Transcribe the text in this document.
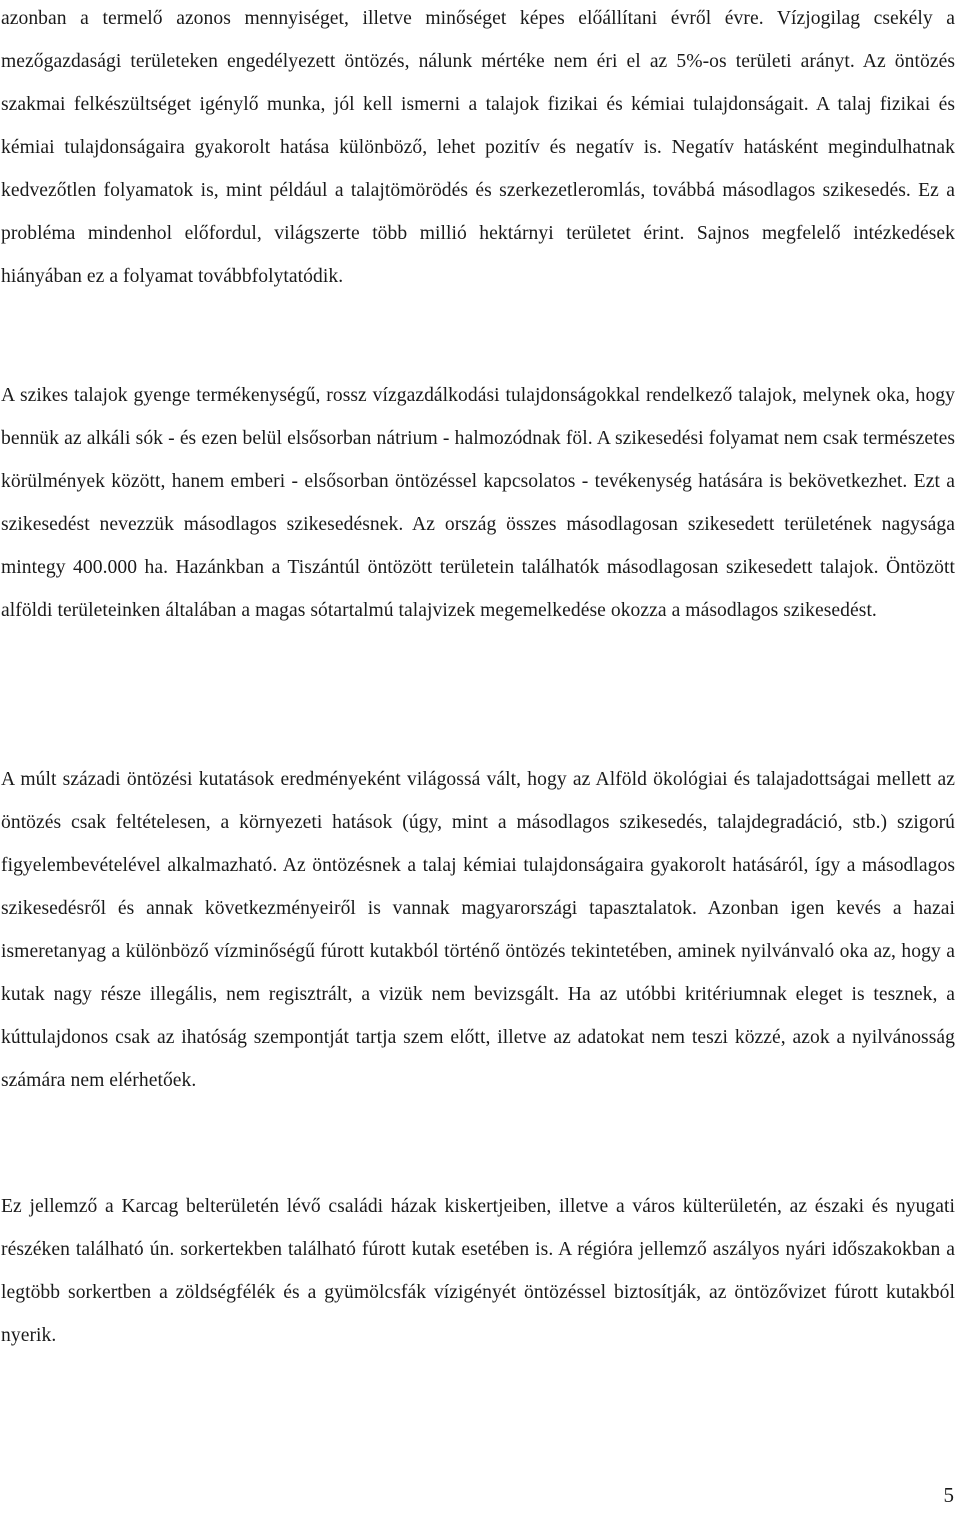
azonban a termelő azonos mennyiséget, illetve minőséget képes előállítani évről évre. Vízjogilag csekély a mezőgazdasági területeken engedélyezett öntözés, nálunk mértéke nem éri el az 5%-os területi arányt. Az öntözés szakmai felkészültséget igénylő munka, jól kell ismerni a talajok fizikai és kémiai tulajdonságait. A talaj fizikai és kémiai tulajdonságaira gyakorolt hatása különböző, lehet pozitív és negatív is. Negatív hatásként megindulhatnak kedvezőtlen folyamatok is, mint például a talajtömörödés és szerkezetleromlás, továbbá másodlagos szikesedés. Ez a probléma mindenhol előfordul, világszerte több millió hektárnyi területet érint. Sajnos megfelelő intézkedések hiányában ez a folyamat továbbfolytatódik.

A szikes talajok gyenge termékenységű, rossz vízgazdálkodási tulajdonságokkal rendelkező talajok, melynek oka, hogy bennük az alkáli sók - és ezen belül elsősorban nátrium - halmozódnak föl. A szikesedési folyamat nem csak természetes körülmények között, hanem emberi - elsősorban öntözéssel kapcsolatos - tevékenység hatására is bekövetkezhet. Ezt a szikesedést nevezzük másodlagos szikesedésnek. Az ország összes másodlagosan szikesedett területének nagysága mintegy 400.000 ha. Hazánkban a Tiszántúl öntözött területein találhatók másodlagosan szikesedett talajok. Öntözött alföldi területeinken általában a magas sótartalmú talajvizek megemelkedése okozza a másodlagos szikesedést.

A múlt századi öntözési kutatások eredményeként világossá vált, hogy az Alföld ökológiai és talajadottságai mellett az öntözés csak feltételesen, a környezeti hatások (úgy, mint a másodlagos szikesedés, talajdegradáció, stb.) szigorú figyelembevételével alkalmazható. Az öntözésnek a talaj kémiai tulajdonságaira gyakorolt hatásáról, így a másodlagos szikesedésről és annak következményeiről is vannak magyarországi tapasztalatok. Azonban igen kevés a hazai ismeretanyag a különböző vízminőségű fúrott kutakból történő öntözés tekintetében, aminek nyilvánvaló oka az, hogy a kutak nagy része illegális, nem regisztrált, a vizük nem bevizsgált. Ha az utóbbi kritériumnak eleget is tesznek, a kúttulajdonos csak az ihatóság szempontját tartja szem előtt, illetve az adatokat nem teszi közzé, azok a nyilvánosság számára nem elérhetőek.

Ez jellemző a Karcag belterületén lévő családi házak kiskertjeiben, illetve a város külterületén, az északi és nyugati részéken található ún. sorkertekben található fúrott kutak esetében is. A régióra jellemző aszályos nyári időszakokban a legtöbb sorkertben a zöldségfélék és a gyümölcsfák vízigényét öntözéssel biztosítják, az öntözővizet fúrott kutakból nyerik.

5
